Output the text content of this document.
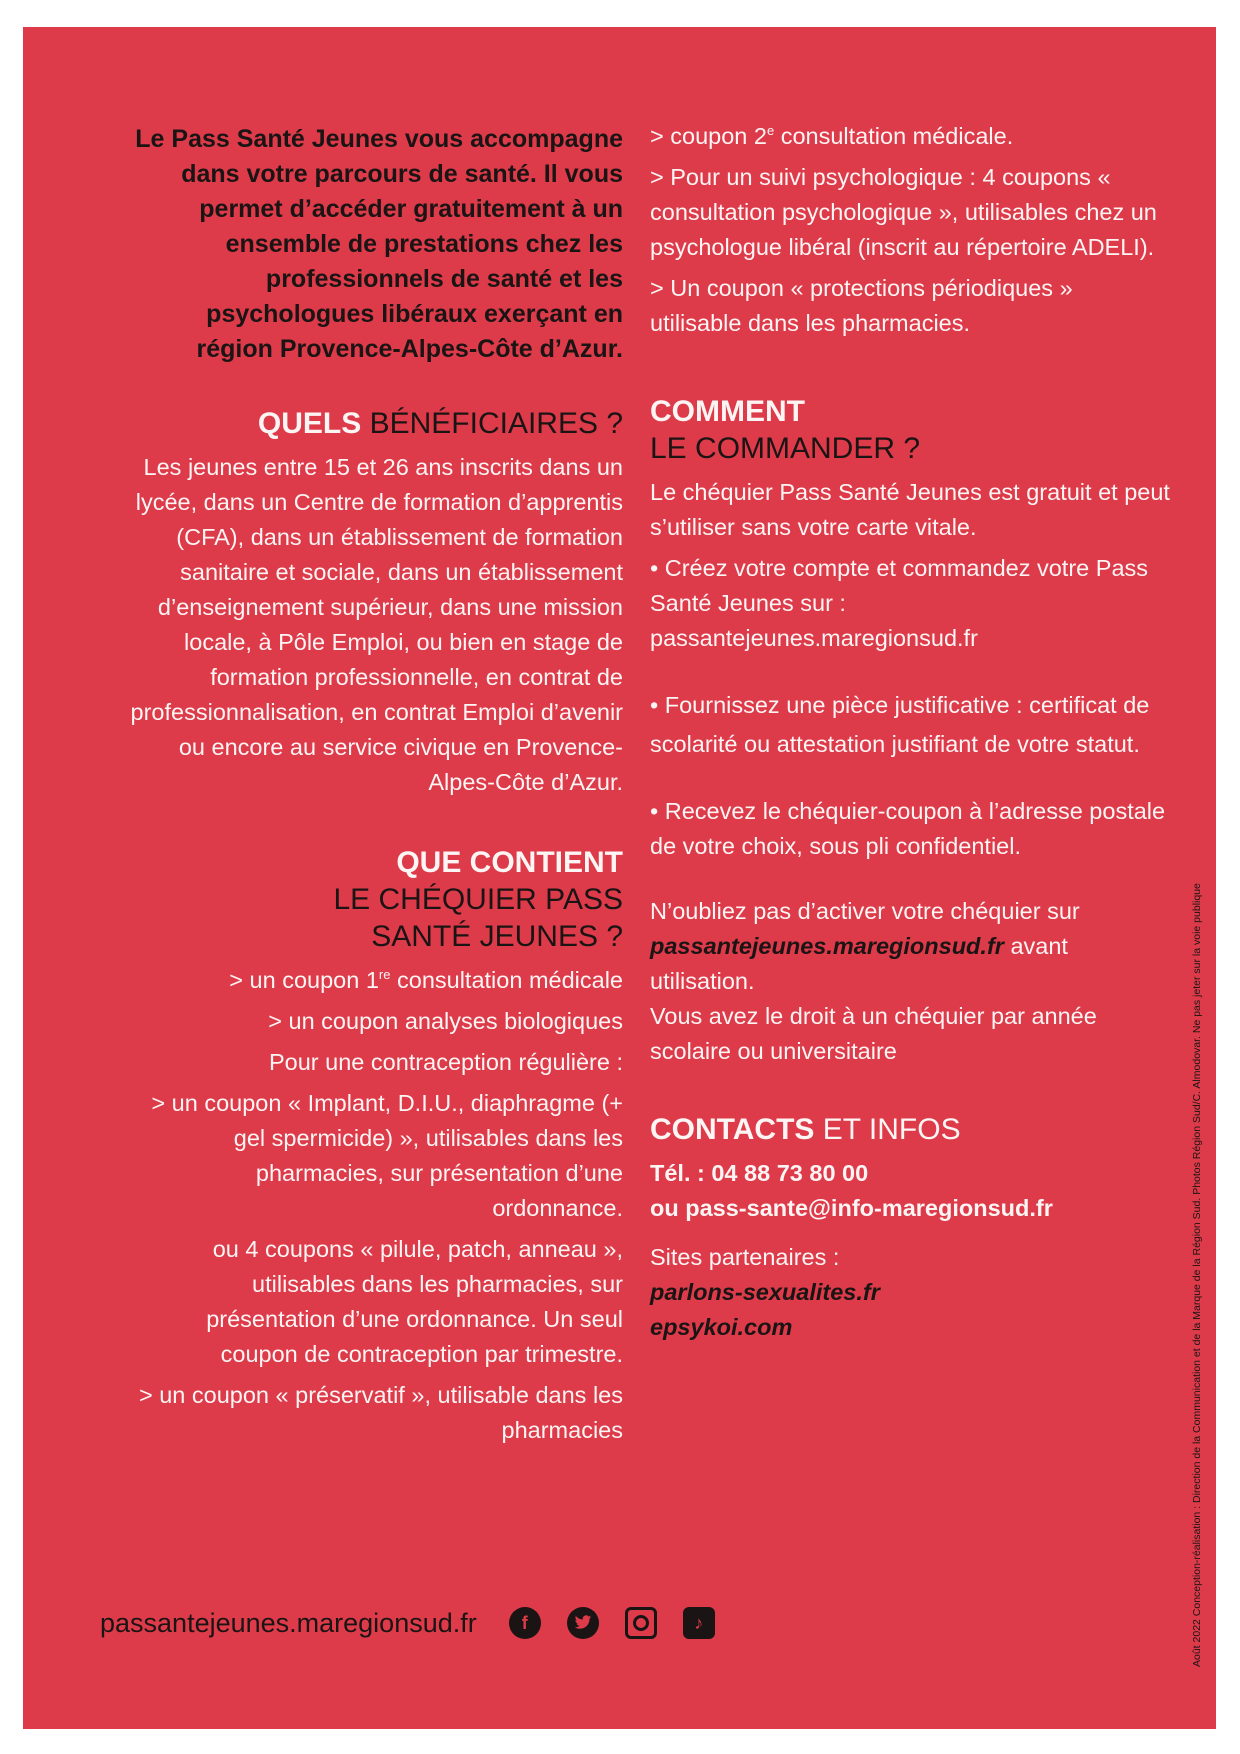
Le Pass Santé Jeunes vous accompagne dans votre parcours de santé. Il vous permet d’accéder gratuitement à un ensemble de prestations chez les professionnels de santé et les psychologues libéraux exerçant en région Provence-Alpes-Côte d’Azur.

QUELS BÉNÉFICIAIRES ?

Les jeunes entre 15 et 26 ans inscrits dans un lycée, dans un Centre de formation d’apprentis (CFA), dans un établissement de formation sanitaire et sociale, dans un établissement d’enseignement supérieur, dans une mission locale, à Pôle Emploi, ou bien en stage de formation professionnelle, en contrat de professionnalisation, en contrat Emploi d’avenir ou encore au service civique en Provence-Alpes-Côte d’Azur.

QUE CONTIENT
LE CHÉQUIER PASS
SANTÉ JEUNES ?

> un coupon 1re consultation médicale

> un coupon analyses biologiques

Pour une contraception régulière :

> un coupon « Implant, D.I.U., diaphragme (+ gel spermicide) », utilisables dans les pharmacies, sur présentation d’une ordonnance.

ou 4 coupons « pilule, patch, anneau », utilisables dans les pharmacies, sur présentation d’une ordonnance. Un seul coupon de contraception par trimestre.

> un coupon « préservatif », utilisable dans les pharmacies

> coupon 2e consultation médicale.

> Pour un suivi psychologique : 4 coupons « consultation psychologique », utilisables chez un psychologue libéral (inscrit au répertoire ADELI).

> Un coupon « protections périodiques » utilisable dans les pharmacies.

COMMENT
LE COMMANDER ?

Le chéquier Pass Santé Jeunes est gratuit et peut s’utiliser sans votre carte vitale.

• Créez votre compte et commandez votre Pass Santé Jeunes sur : passantejeunes.maregionsud.fr

• Fournissez une pièce justificative : certificat de scolarité ou attestation justifiant de votre statut.

• Recevez le chéquier-coupon à l’adresse postale de votre choix, sous pli confidentiel.

N’oubliez pas d’activer votre chéquier sur passantejeunes.maregionsud.fr avant utilisation.

Vous avez le droit à un chéquier par année scolaire ou universitaire

CONTACTS ET INFOS

Tél. : 04 88 73 80 00

ou pass-sante@info-maregionsud.fr

Sites partenaires :

parlons-sexualites.fr

epsykoi.com

passantejeunes.maregionsud.fr	f	♪	Août 2022 Conception-réalisation : Direction de la Communication et de la Marque de la Région Sud. Photos Région Sud/C. Almodovar. Ne pas jeter sur la voie publique
